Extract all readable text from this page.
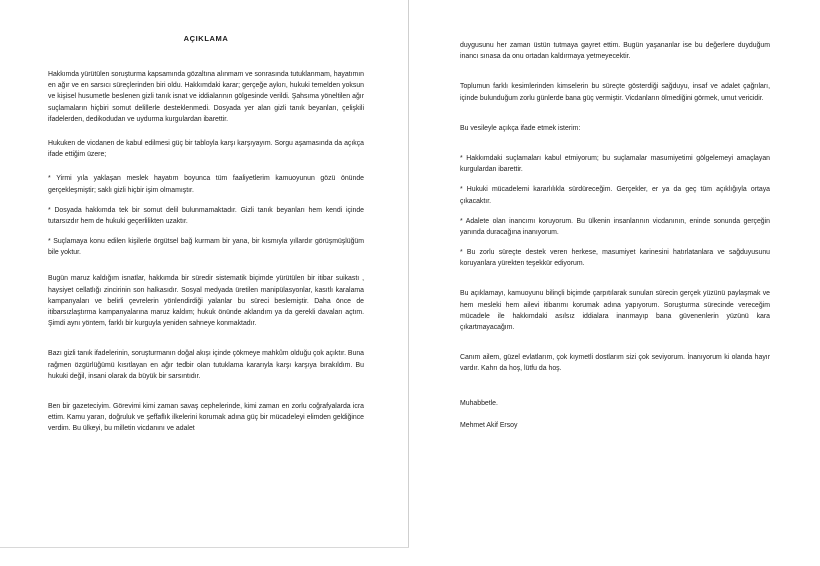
AÇIKLAMA

Hakkımda yürütülen soruşturma kapsamında gözaltına alınmam ve sonrasında tutuklanmam, hayatımın en ağır ve en sarsıcı süreçlerinden biri oldu. Hakkımdaki karar; gerçeğe aykırı, hukuki temelden yoksun ve kişisel husumetle beslenen gizli tanık isnat ve iddialarının gölgesinde verildi. Şahsıma yöneltilen ağır suçlamaların hiçbiri somut delillerle desteklenmedi. Dosyada yer alan gizli tanık beyanları, çelişkili ifadelerden, dedikodudan ve uydurma kurgulardan ibarettir.

Hukuken de vicdanen de kabul edilmesi güç bir tabloyla karşı karşıyayım. Sorgu aşamasında da açıkça ifade ettiğim üzere;

* Yirmi yıla yaklaşan meslek hayatım boyunca tüm faaliyetlerim kamuoyunun gözü önünde gerçekleşmiştir; saklı gizli hiçbir işim olmamıştır.

* Dosyada hakkımda tek bir somut delil bulunmamaktadır. Gizli tanık beyanları hem kendi içinde tutarsızdır hem de hukuki geçerlilikten uzaktır.

* Suçlamaya konu edilen kişilerle örgütsel bağ kurmam bir yana, bir kısmıyla yıllardır görüşmüşlüğüm bile yoktur.

Bugün maruz kaldığım isnatlar, hakkımda bir süredir sistematik biçimde yürütülen bir itibar suikastı , haysiyet cellatlığı zincirinin son halkasıdır. Sosyal medyada üretilen manipülasyonlar, kasıtlı karalama kampanyaları ve belirli çevrelerin yönlendirdiği yalanlar bu süreci beslemiştir. Daha önce de itibarsızlaştırma kampanyalarına maruz kaldım; hukuk önünde aklandım ya da gerekli davaları açtım. Şimdi aynı yöntem, farklı bir kurguyla yeniden sahneye konmaktadır.

Bazı gizli tanık ifadelerinin, soruşturmanın doğal akışı içinde çökmeye mahkûm olduğu çok açıktır. Buna rağmen özgürlüğümü kısıtlayan en ağır tedbir olan tutuklama kararıyla karşı karşıya bırakıldım. Bu hukuki değil, insani olarak da büyük bir sarsıntıdır.

Ben bir gazeteciyim. Görevimi kimi zaman savaş cephelerinde, kimi zaman en zorlu coğrafyalarda icra ettim. Kamu yararı, doğruluk ve şeffaflık ilkelerini korumak adına güç bir mücadeleyi elimden geldiğince verdim. Bu ülkeyi, bu milletin vicdanını ve adalet

duygusunu her zaman üstün tutmaya gayret ettim. Bugün yaşananlar ise bu değerlere duyduğum inancı sınasa da onu ortadan kaldırmaya yetmeyecektir.

Toplumun farklı kesimlerinden kimselerin bu süreçte gösterdiği sağduyu, insaf ve adalet çağrıları, içinde bulunduğum zorlu günlerde bana güç vermiştir. Vicdanların ölmediğini görmek, umut vericidir.

Bu vesileyle açıkça ifade etmek isterim:

* Hakkımdaki suçlamaları kabul etmiyorum; bu suçlamalar masumiyetimi gölgelemeyi amaçlayan kurgulardan ibarettir.

* Hukuki mücadelemi kararlılıkla sürdüreceğim. Gerçekler, er ya da geç tüm açıklığıyla ortaya çıkacaktır.

* Adalete olan inancımı koruyorum. Bu ülkenin insanlarının vicdanının, eninde sonunda gerçeğin yanında duracağına inanıyorum.

* Bu zorlu süreçte destek veren herkese, masumiyet karinesini hatırlatanlara ve sağduyusunu koruyanlara yürekten teşekkür ediyorum.

Bu açıklamayı, kamuoyunu bilinçli biçimde çarpıtılarak sunulan sürecin gerçek yüzünü paylaşmak ve hem mesleki hem ailevi itibarımı korumak adına yapıyorum. Soruşturma sürecinde vereceğim mücadele ile hakkımdaki asılsız iddialara inanmayıp bana güvenenlerin yüzünü kara çıkartmayacağım.

Canım ailem, güzel evlatlarım, çok kıymetli dostlarım sizi çok seviyorum. İnanıyorum ki olanda hayır vardır. Kahrı da hoş, lütfu da hoş.

Muhabbetle.

Mehmet Akif Ersoy
